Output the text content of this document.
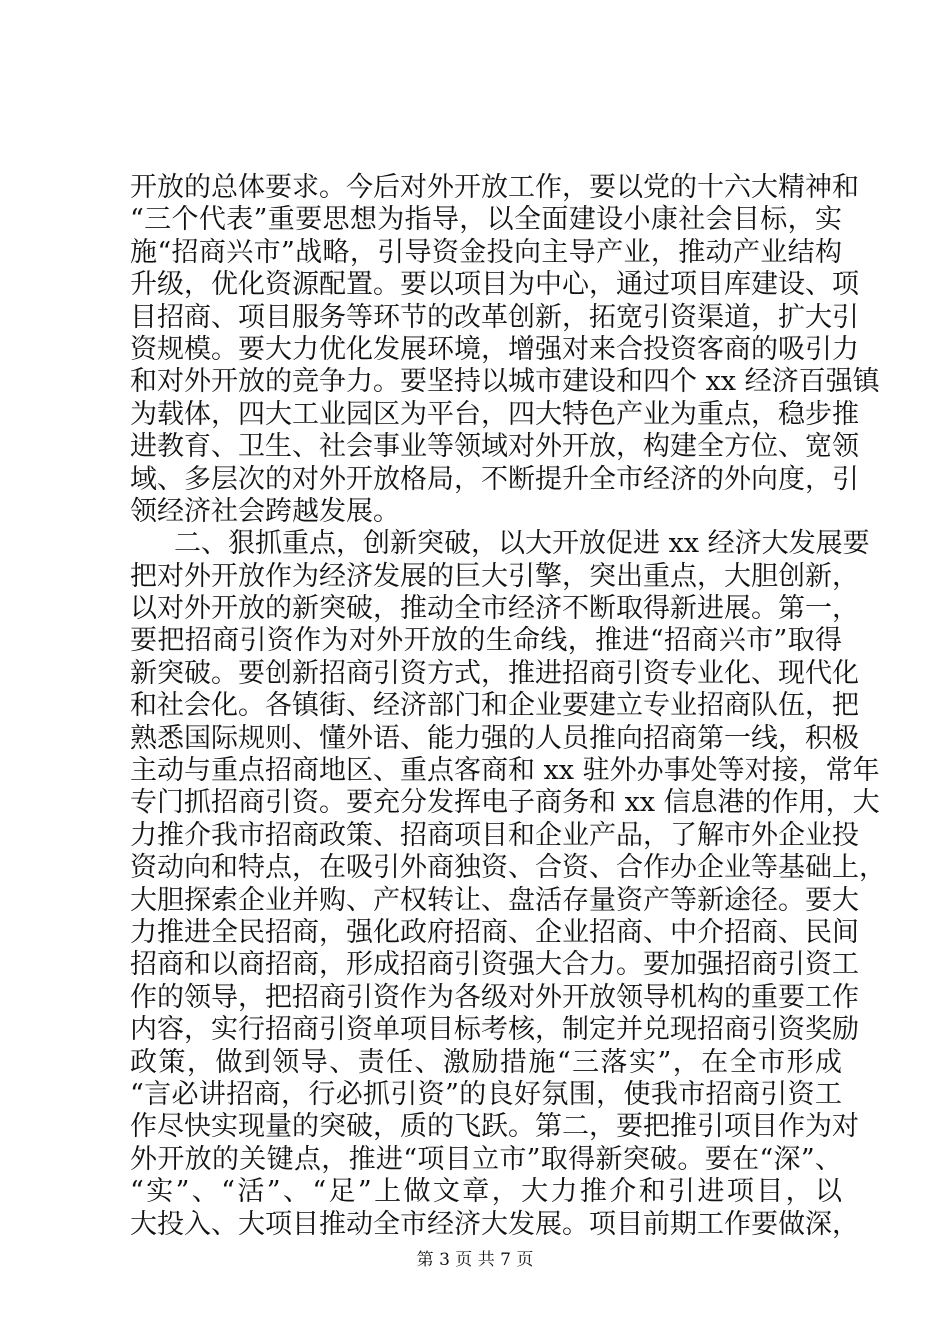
开放的总体要求。今后对外开放工作，要以党的十六大精神和
“三个代表”重要思想为指导，以全面建设小康社会目标，实
施“招商兴市”战略，引导资金投向主导产业，推动产业结构
升级，优化资源配置。要以项目为中心，通过项目库建设、项
目招商、项目服务等环节的改革创新，拓宽引资渠道，扩大引
资规模。要大力优化发展环境，增强对来合投资客商的吸引力
和对外开放的竞争力。要坚持以城市建设和四个 xx 经济百强镇
为载体，四大工业园区为平台，四大特色产业为重点，稳步推
进教育、卫生、社会事业等领域对外开放，构建全方位、宽领
域、多层次的对外开放格局，不断提升全市经济的外向度，引
领经济社会跨越发展。
二、狠抓重点，创新突破，以大开放促进 xx 经济大发展要
把对外开放作为经济发展的巨大引擎，突出重点，大胆创新，
以对外开放的新突破，推动全市经济不断取得新进展。第一，
要把招商引资作为对外开放的生命线，推进“招商兴市”取得
新突破。要创新招商引资方式，推进招商引资专业化、现代化
和社会化。各镇街、经济部门和企业要建立专业招商队伍，把
熟悉国际规则、懂外语、能力强的人员推向招商第一线，积极
主动与重点招商地区、重点客商和 xx 驻外办事处等对接，常年
专门抓招商引资。要充分发挥电子商务和 xx 信息港的作用，大
力推介我市招商政策、招商项目和企业产品，了解市外企业投
资动向和特点，在吸引外商独资、合资、合作办企业等基础上，
大胆探索企业并购、产权转让、盘活存量资产等新途径。要大
力推进全民招商，强化政府招商、企业招商、中介招商、民间
招商和以商招商，形成招商引资强大合力。要加强招商引资工
作的领导，把招商引资作为各级对外开放领导机构的重要工作
内容，实行招商引资单项目标考核，制定并兑现招商引资奖励
政策，做到领导、责任、激励措施“三落实”，在全市形成
“言必讲招商，行必抓引资”的良好氛围，使我市招商引资工
作尽快实现量的突破，质的飞跃。第二，要把推引项目作为对
外开放的关键点，推进“项目立市”取得新突破。要在“深”、
“实”、“活”、“足”上做文章，大力推介和引进项目，以
大投入、大项目推动全市经济大发展。项目前期工作要做深，
第 3 页 共 7 页
